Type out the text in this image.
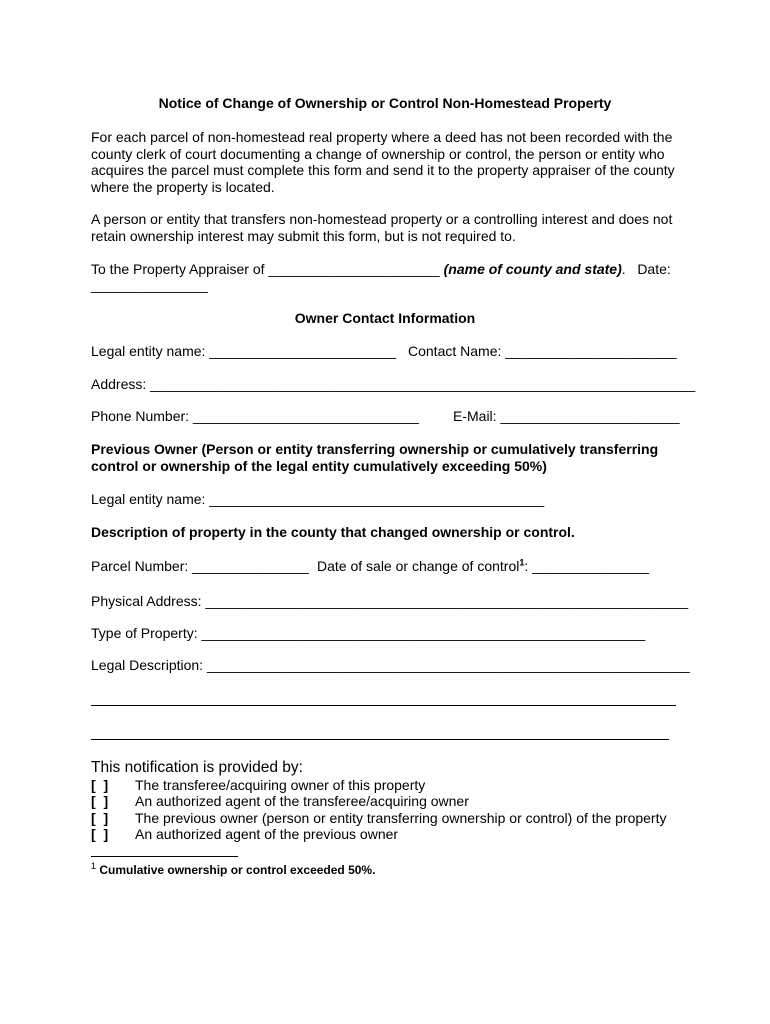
Notice of Change of Ownership or Control Non-Homestead Property
For each parcel of non-homestead real property where a deed has not been recorded with the county clerk of court documenting a change of ownership or control, the person or entity who acquires the parcel must complete this form and send it to the property appraiser of the county where the property is located.
A person or entity that transfers non-homestead property or a controlling interest and does not retain ownership interest may submit this form, but is not required to.
To the Property Appraiser of ______________________ (name of county and state).   Date:
_______________
Owner Contact Information
Legal entity name: ________________________ Contact Name: ______________________
Address: ______________________________________________________________________
Phone Number: _____________________________ E-Mail: _______________________
Previous Owner (Person or entity transferring ownership or cumulatively transferring control or ownership of the legal entity cumulatively exceeding 50%)
Legal entity name: ___________________________________________
Description of property in the county that changed ownership or control.
Parcel Number: _______________ Date of sale or change of control$^1$: _______________
Physical Address: ______________________________________________________________
Type of Property: _________________________________________________________
Legal Description: ______________________________________________________________
This notification is provided by:
[  ] The transferee/acquiring owner of this property
[  ] An authorized agent of the transferee/acquiring owner
[  ] The previous owner (person or entity transferring ownership or control) of the property
[  ] An authorized agent of the previous owner
$^1$ Cumulative ownership or control exceeded 50%.
